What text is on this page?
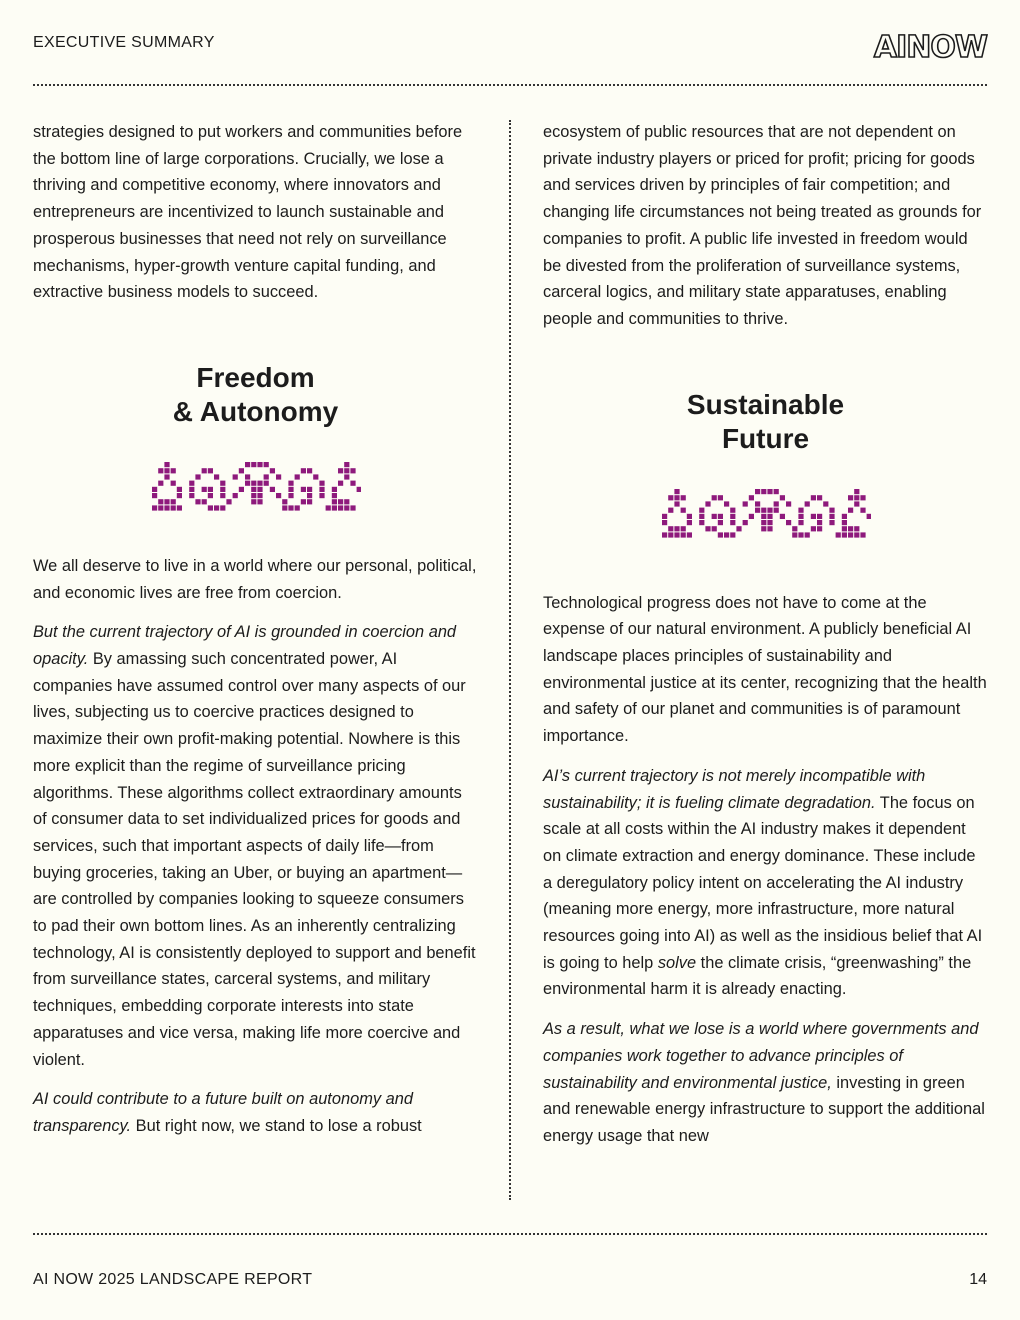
EXECUTIVE SUMMARY	AINOW

strategies designed to put workers and communities before the bottom line of large corporations. Crucially, we lose a thriving and competitive economy, where innovators and entrepreneurs are incentivized to launch sustainable and prosperous businesses that need not rely on surveillance mechanisms, hyper-growth venture capital funding, and extractive business models to succeed.

Freedom
& Autonomy

We all deserve to live in a world where our personal, political, and economic lives are free from coercion.

But the current trajectory of AI is grounded in coercion and opacity. By amassing such concentrated power, AI companies have assumed control over many aspects of our lives, subjecting us to coercive practices designed to maximize their own profit-making potential. Nowhere is this more explicit than the regime of surveillance pricing algorithms. These algorithms collect extraordinary amounts of consumer data to set individualized prices for goods and services, such that important aspects of daily life—from buying groceries, taking an Uber, or buying an apartment—are controlled by companies looking to squeeze consumers to pad their own bottom lines. As an inherently centralizing technology, AI is consistently deployed to support and benefit from surveillance states, carceral systems, and military techniques, embedding corporate interests into state apparatuses and vice versa, making life more coercive and violent.

AI could contribute to a future built on autonomy and transparency. But right now, we stand to lose a robust

ecosystem of public resources that are not dependent on private industry players or priced for profit; pricing for goods and services driven by principles of fair competition; and changing life circumstances not being treated as grounds for companies to profit. A public life invested in freedom would be divested from the proliferation of surveillance systems, carceral logics, and military state apparatuses, enabling people and communities to thrive.

Sustainable
Future

Technological progress does not have to come at the expense of our natural environment. A publicly beneficial AI landscape places principles of sustainability and environmental justice at its center, recognizing that the health and safety of our planet and communities is of paramount importance.

AI’s current trajectory is not merely incompatible with sustainability; it is fueling climate degradation. The focus on scale at all costs within the AI industry makes it dependent on climate extraction and energy dominance. These include a deregulatory policy intent on accelerating the AI industry (meaning more energy, more infrastructure, more natural resources going into AI) as well as the insidious belief that AI is going to help solve the climate crisis, “greenwashing” the environmental harm it is already enacting.

As a result, what we lose is a world where governments and companies work together to advance principles of sustainability and environmental justice, investing in green and renewable energy infrastructure to support the additional energy usage that new

AI NOW 2025 LANDSCAPE REPORT	14
